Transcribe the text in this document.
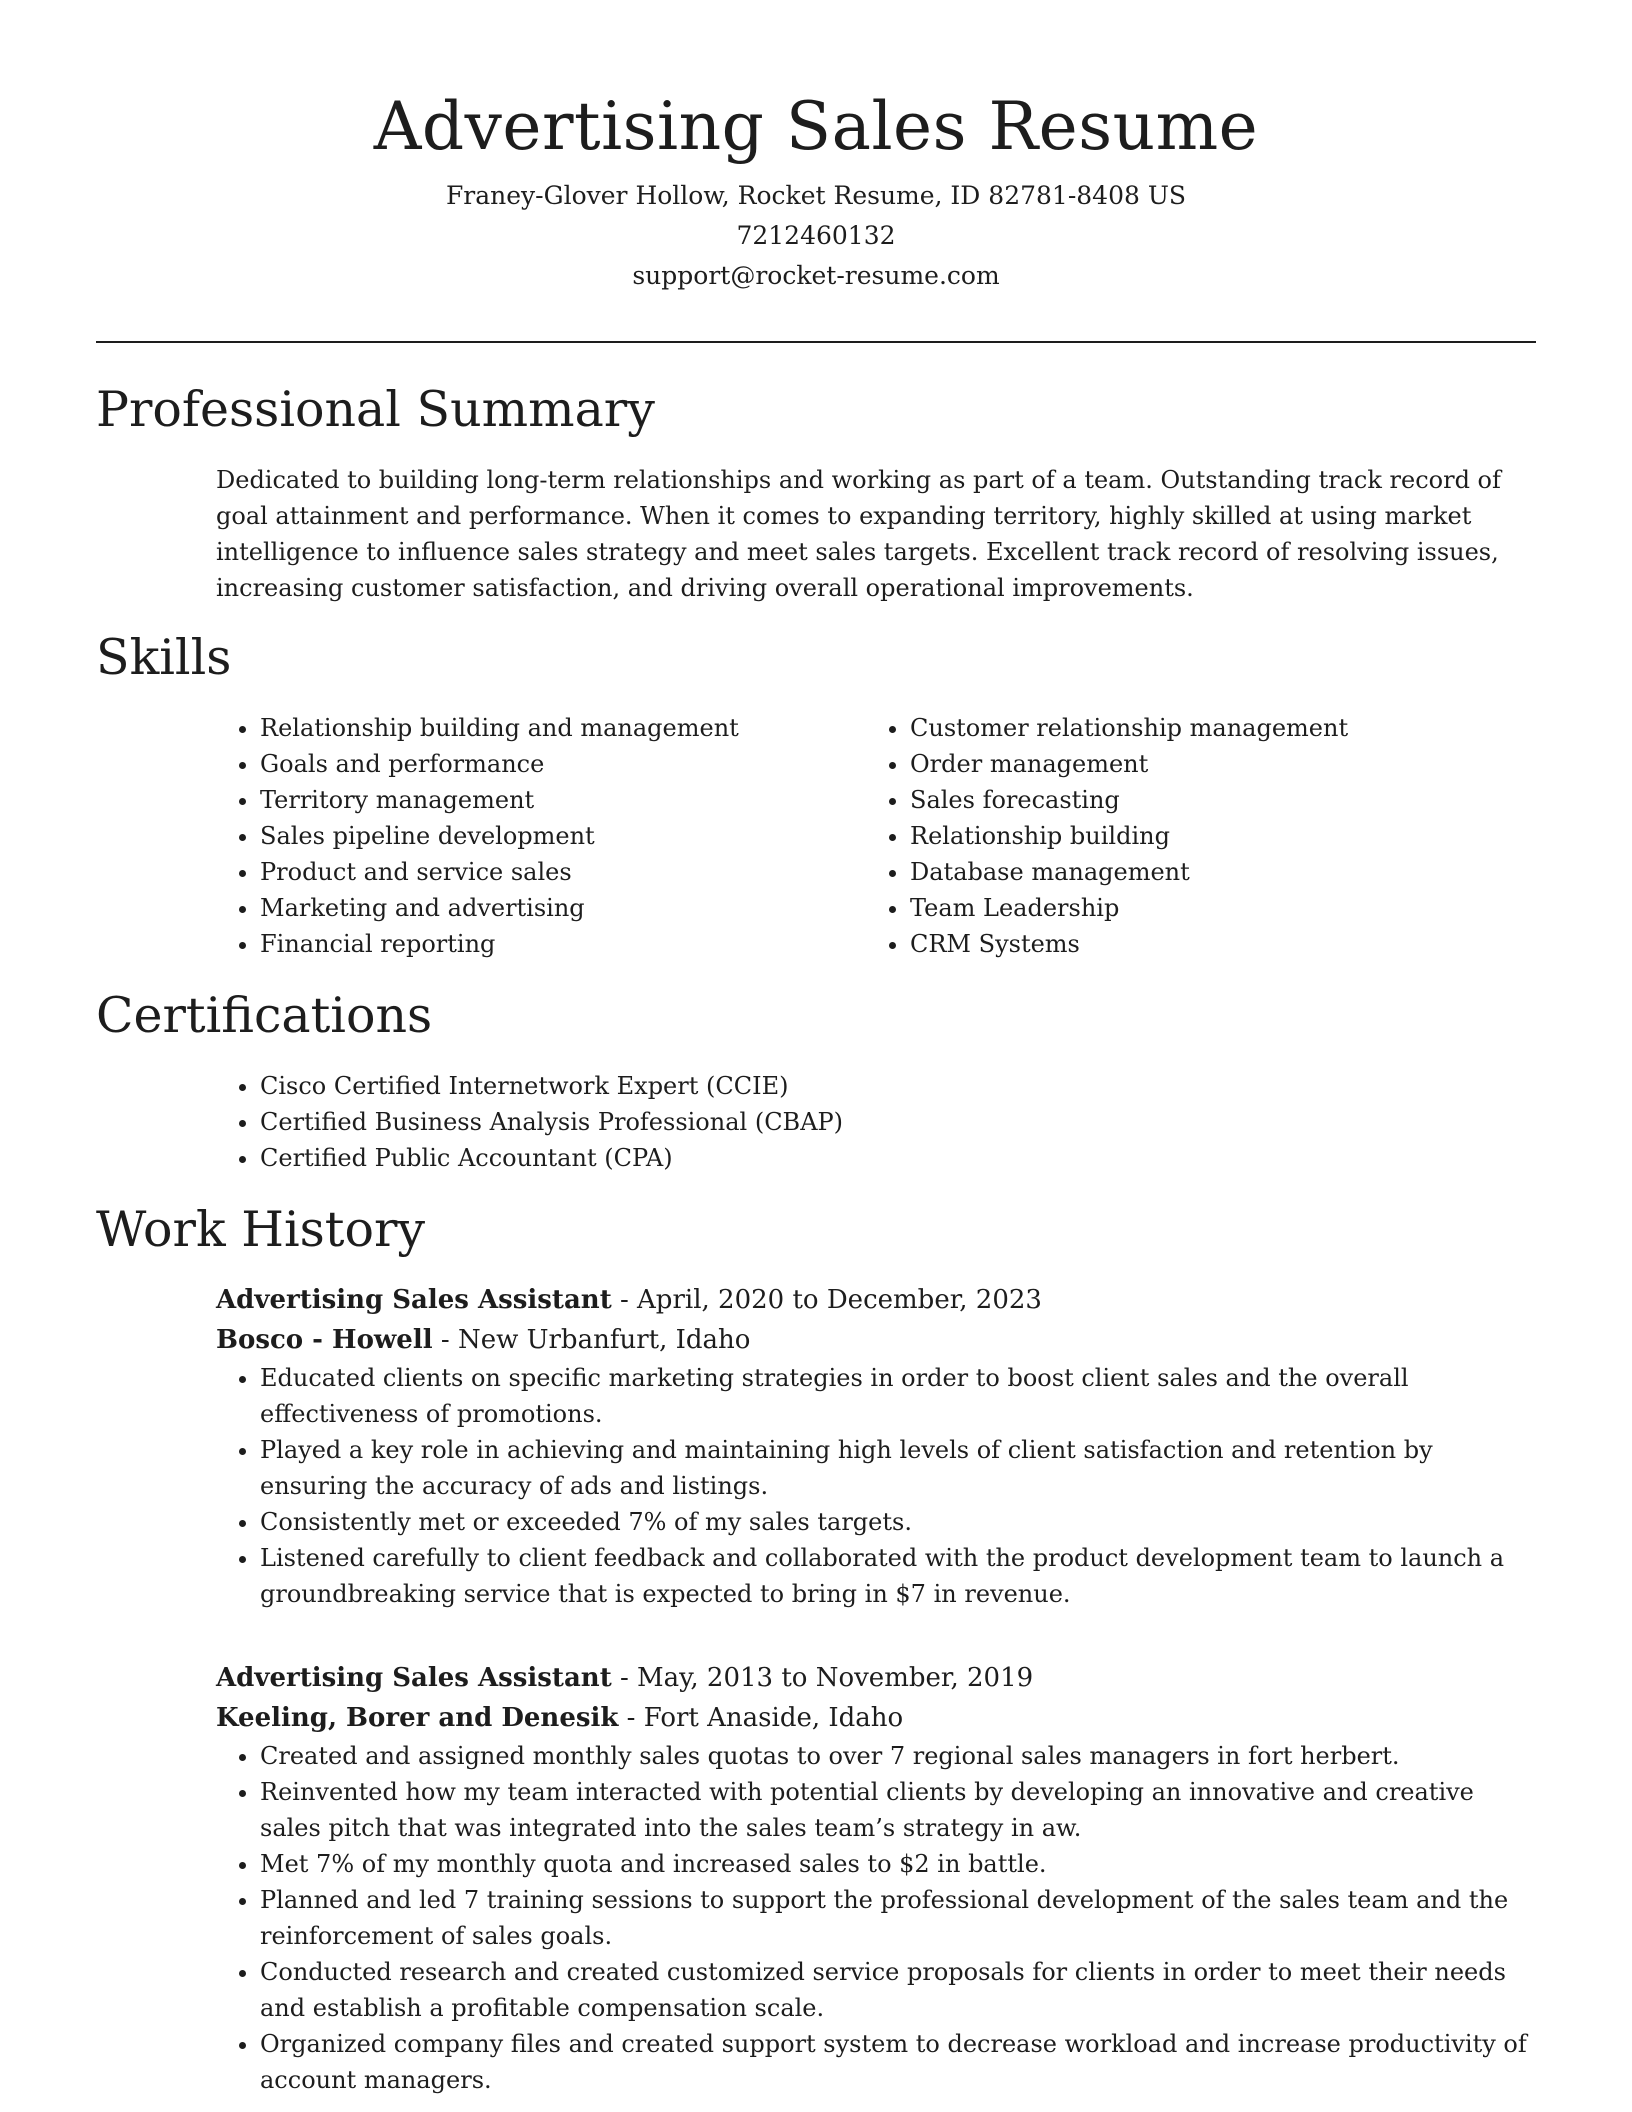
Advertising Sales Resume

Franey-Glover Hollow, Rocket Resume, ID 82781-8408 US

7212460132

support@rocket-resume.com

Professional Summary

Dedicated to building long-term relationships and working as part of a team. Outstanding track record of goal attainment and performance. When it comes to expanding territory, highly skilled at using market intelligence to influence sales strategy and meet sales targets. Excellent track record of resolving issues, increasing customer satisfaction, and driving overall operational improvements.

Skills
• Relationship building and management
• Goals and performance
• Territory management
• Sales pipeline development
• Product and service sales
• Marketing and advertising
• Financial reporting
• Customer relationship management
• Order management
• Sales forecasting
• Relationship building
• Database management
• Team Leadership
• CRM Systems
Certifications
• Cisco Certified Internetwork Expert (CCIE)
• Certified Business Analysis Professional (CBAP)
• Certified Public Accountant (CPA)
Work History

Advertising Sales Assistant - April, 2020 to December, 2023

Bosco - Howell - New Urbanfurt, Idaho

• Educated clients on specific marketing strategies in order to boost client sales and the overall effectiveness of promotions.
• Played a key role in achieving and maintaining high levels of client satisfaction and retention by ensuring the accuracy of ads and listings.
• Consistently met or exceeded 7% of my sales targets.
• Listened carefully to client feedback and collaborated with the product development team to launch a groundbreaking service that is expected to bring in $7 in revenue.

Advertising Sales Assistant - May, 2013 to November, 2019

Keeling, Borer and Denesik - Fort Anaside, Idaho

• Created and assigned monthly sales quotas to over 7 regional sales managers in fort herbert.
• Reinvented how my team interacted with potential clients by developing an innovative and creative sales pitch that was integrated into the sales team’s strategy in aw.
• Met 7% of my monthly quota and increased sales to $2 in battle.
• Planned and led 7 training sessions to support the professional development of the sales team and the reinforcement of sales goals.
• Conducted research and created customized service proposals for clients in order to meet their needs and establish a profitable compensation scale.
• Organized company files and created support system to decrease workload and increase productivity of account managers.
